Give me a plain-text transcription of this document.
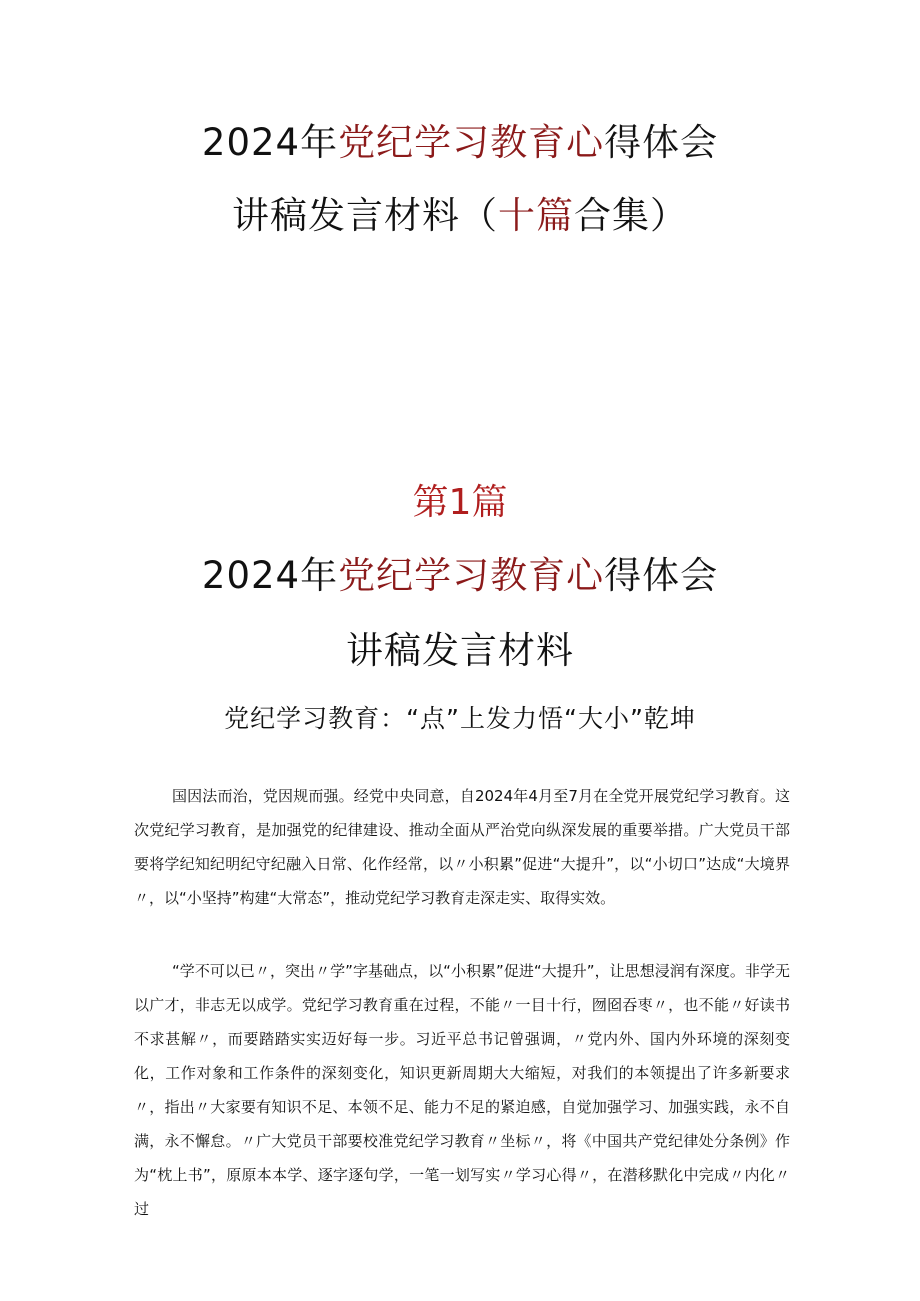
2024年党纪学习教育心得体会
讲稿发言材料（十篇合集）
第1篇
2024年党纪学习教育心得体会
讲稿发言材料
党纪学习教育：“点”上发力悟“大小”乾坤

国因法而治，党因规而强。经党中央同意，自2024年4月至7月在全党开展党纪学习教育。这次党纪学习教育，是加强党的纪律建设、推动全面从严治党向纵深发展的重要举措。广大党员干部要将学纪知纪明纪守纪融入日常、化作经常，以〃小积累”促进“大提升”，以“小切口”达成“大境界〃，以“小坚持”构建“大常态”，推动党纪学习教育走深走实、取得实效。

“学不可以已〃，突出〃学”字基础点，以“小积累”促进“大提升”，让思想浸润有深度。非学无以广才，非志无以成学。党纪学习教育重在过程，不能〃一目十行，囫囵吞枣〃，也不能〃好读书不求甚解〃，而要踏踏实实迈好每一步。习近平总书记曾强调，〃党内外、国内外环境的深刻变化，工作对象和工作条件的深刻变化，知识更新周期大大缩短，对我们的本领提出了许多新要求〃，指出〃大家要有知识不足、本领不足、能力不足的紧迫感，自觉加强学习、加强实践，永不自满，永不懈怠。〃广大党员干部要校准党纪学习教育〃坐标〃，将《中国共产党纪律处分条例》作为“枕上书”，原原本本学、逐字逐句学，一笔一划写实〃学习心得〃，在潜移默化中完成〃内化〃过
